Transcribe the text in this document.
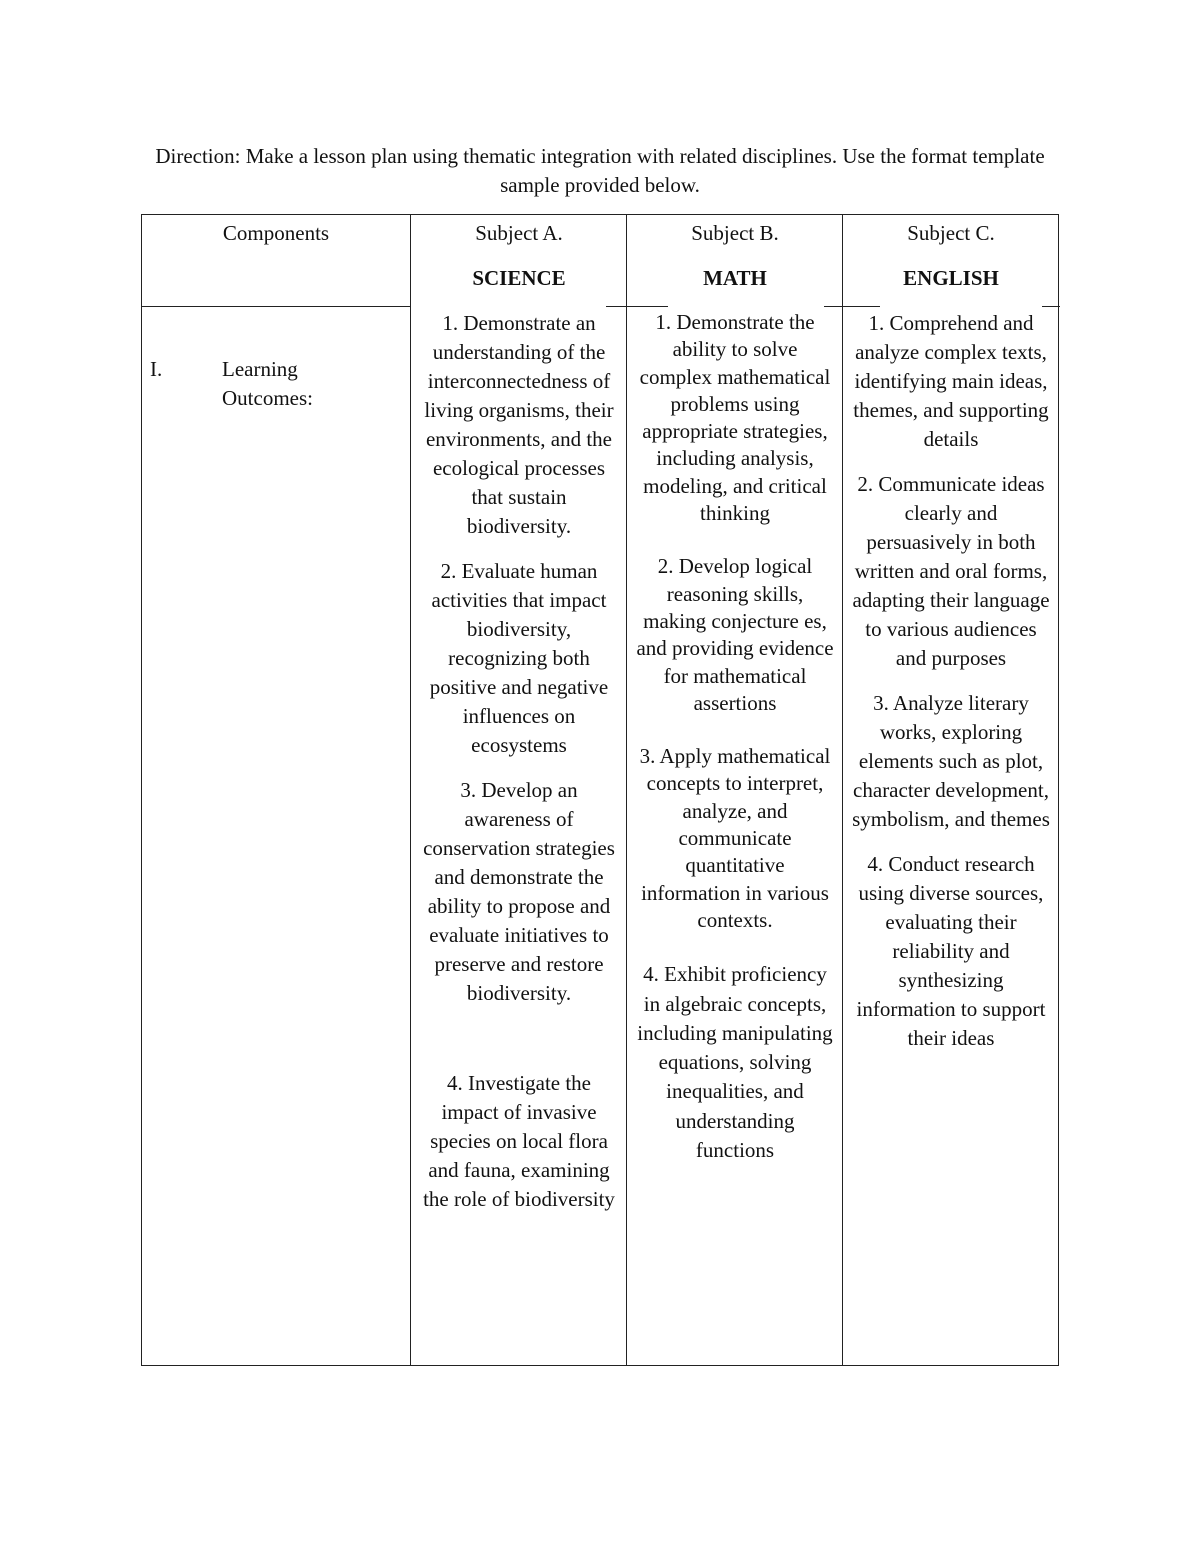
Direction: Make a lesson plan using thematic integration with related disciplines. Use the format template sample provided below.
Components	Subject A.
SCIENCE
Subject B.
MATH
Subject C.
ENGLISH
I.	Learning Outcomes:

1. Demonstrate an understanding of the interconnectedness of living organisms, their environments, and the ecological processes that sustain biodiversity.

2. Evaluate human activities that impact biodiversity, recognizing both positive and negative influences on ecosystems

3. Develop an awareness of conservation strategies and demonstrate the ability to propose and evaluate initiatives to preserve and restore biodiversity.

4. Investigate the impact of invasive species on local flora and fauna, examining the role of biodiversity

1. Demonstrate the ability to solve complex mathematical problems using appropriate strategies, including analysis, modeling, and critical thinking

2. Develop logical reasoning skills, making conjecture es, and providing evidence for mathematical assertions

3. Apply mathematical concepts to interpret, analyze, and communicate quantitative information in various contexts.

4. Exhibit proficiency in algebraic concepts, including manipulating equations, solving inequalities, and understanding functions

1. Comprehend and analyze complex texts, identifying main ideas, themes, and supporting details

2. Communicate ideas clearly and persuasively in both written and oral forms, adapting their language to various audiences and purposes

3. Analyze literary works, exploring elements such as plot, character development, symbolism, and themes

4. Conduct research using diverse sources, evaluating their reliability and synthesizing information to support their ideas
